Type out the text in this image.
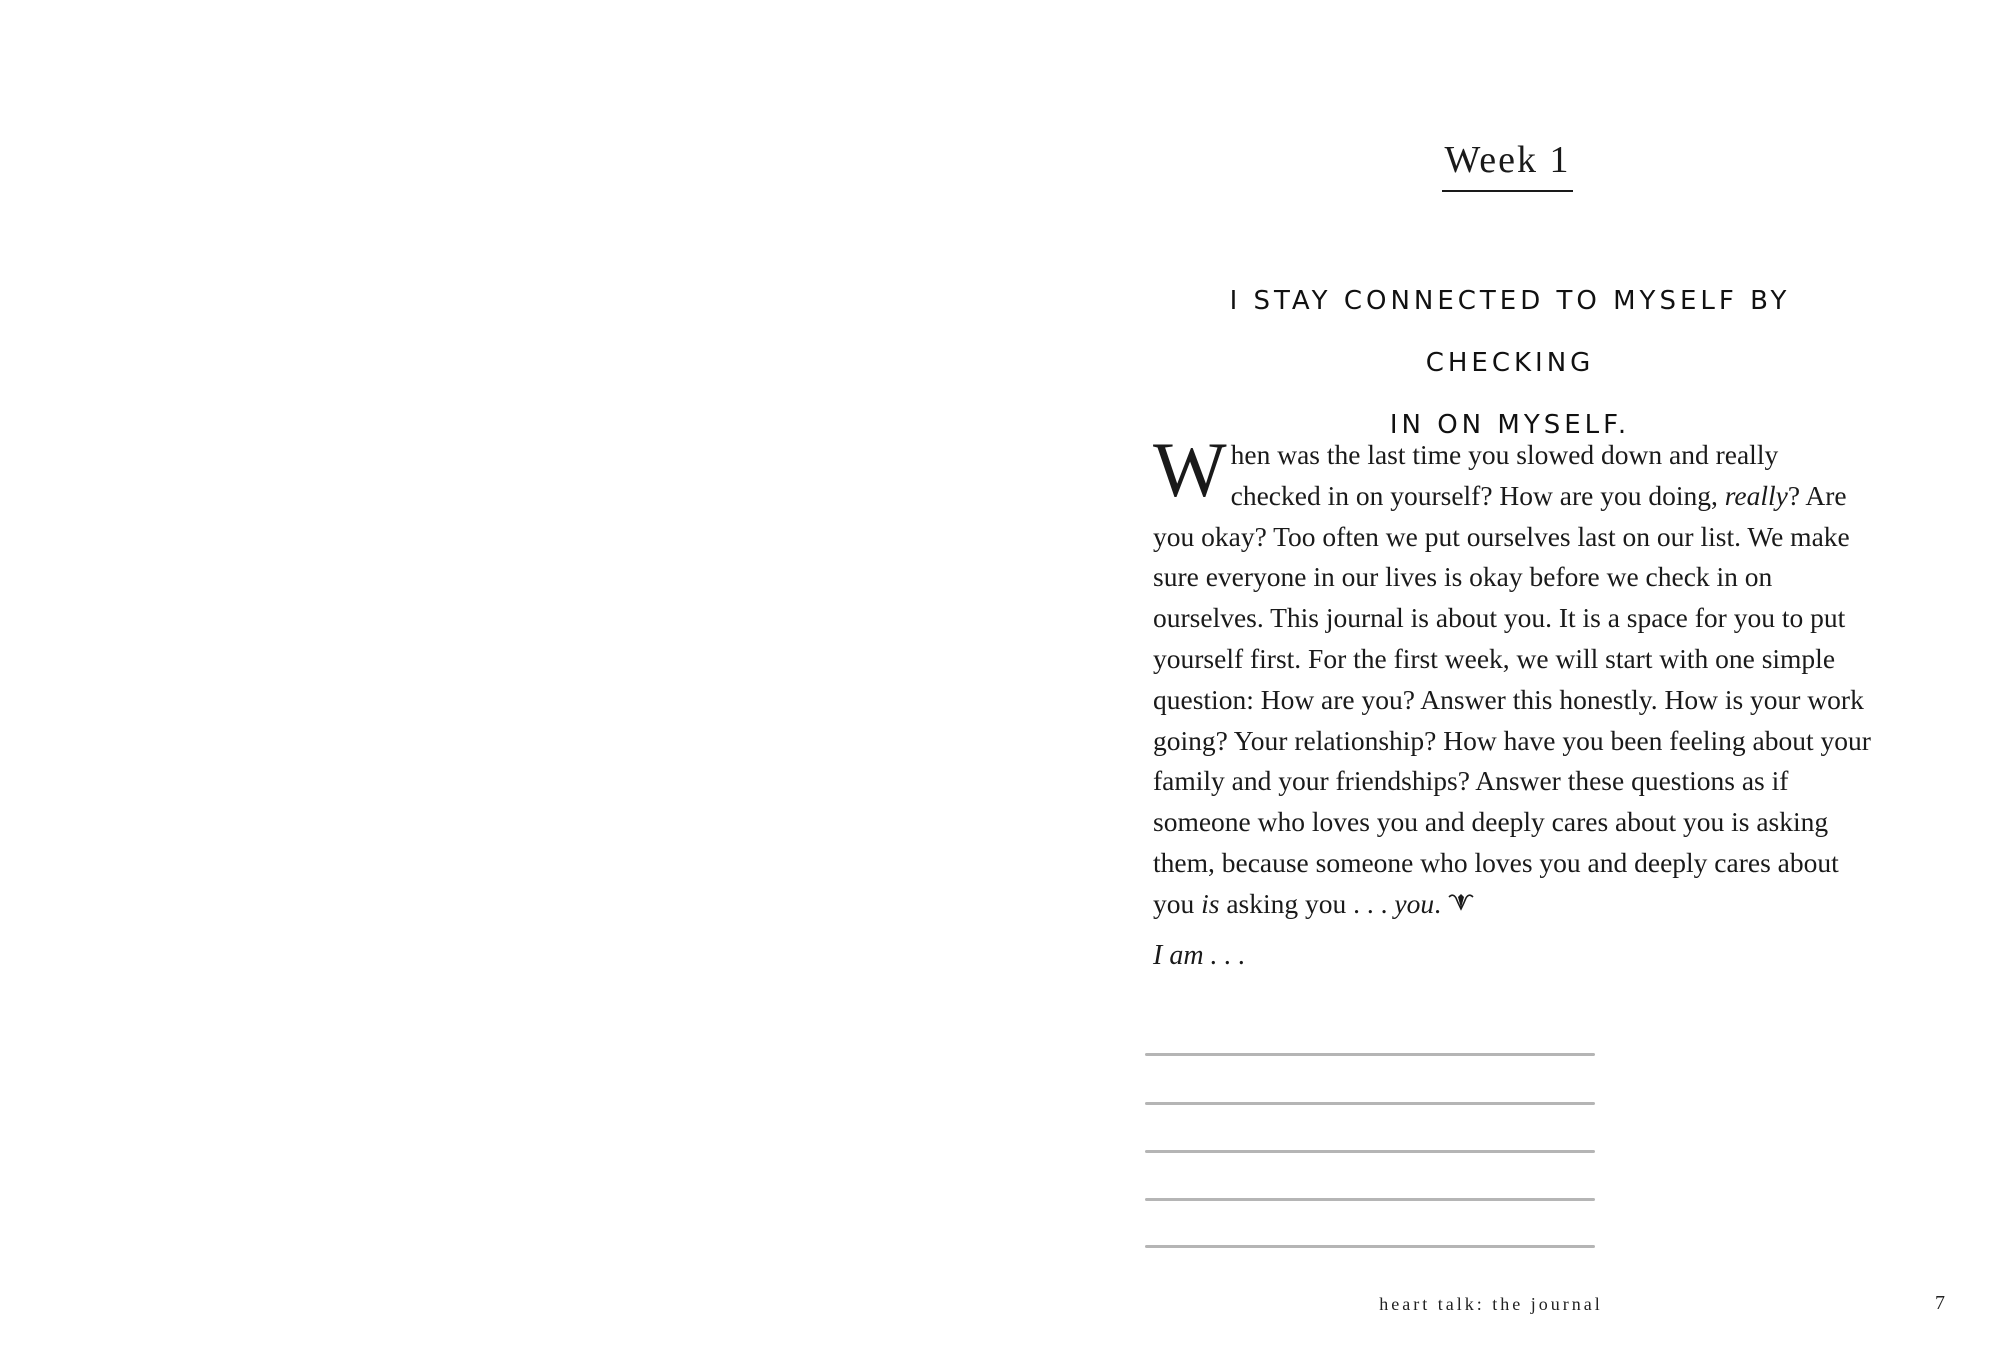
Week 1
I STAY CONNECTED TO MYSELF BY CHECKING
IN ON MYSELF.

When was the last time you slowed down and really checked in on yourself? How are you doing, really? Are you okay? Too often we put ourselves last on our list. We make sure everyone in our lives is okay before we check in on ourselves. This journal is about you. It is a space for you to put yourself first. For the first week, we will start with one simple question: How are you? Answer this honestly. How is your work going? Your relationship? How have you been feeling about your family and your friendships? Answer these questions as if someone who loves you and deeply cares about you is asking them, because someone who loves you and deeply cares about you is asking you . . . you.

I am . . .
heart talk: the journal	7
